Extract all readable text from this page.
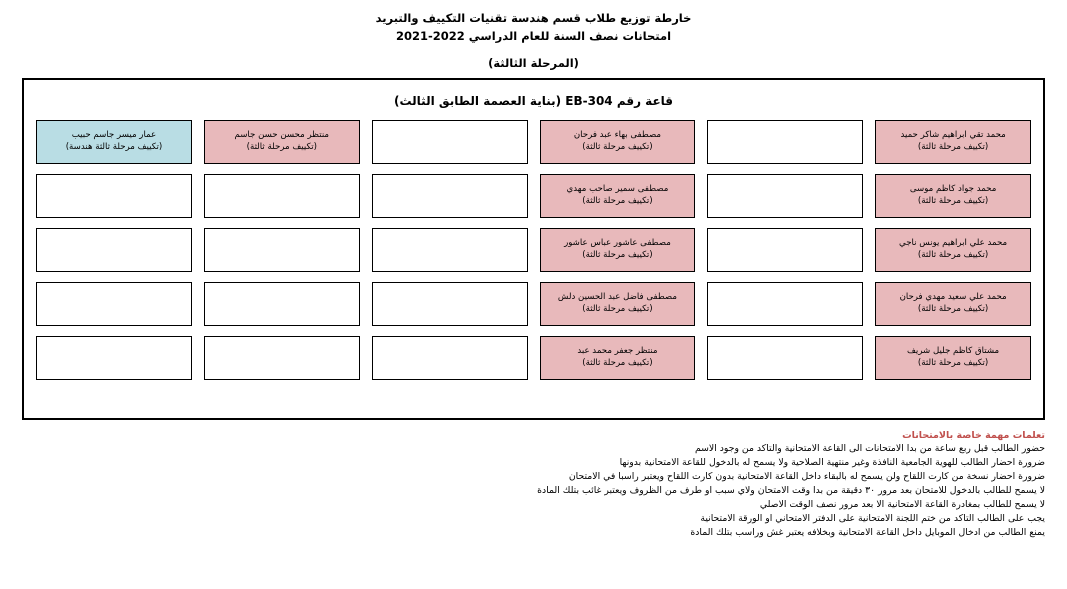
خارطة توزيع طلاب قسم هندسة تقنيات التكييف والتبريد
امتحانات نصف السنة للعام الدراسي 2022-2021
(المرحلة الثالثة)
قاعة رقم EB-304 (بناية العصمة الطابق الثالث)
محمد تقي ابراهيم شاكر حميد
(تكييف مرحلة ثالثة)
مصطفى بهاء عبد فرحان
(تكييف مرحلة ثالثة)
منتظر محسن حسن جاسم
(تكييف مرحلة ثالثة)
عمار ميسر جاسم حبيب
(تكييف مرحلة ثالثة هندسة)
محمد جواد كاظم موسى
(تكييف مرحلة ثالثة)
مصطفى سمير صاحب مهدي
(تكييف مرحلة ثالثة)
محمد علي ابراهيم يونس ناجي
(تكييف مرحلة ثالثة)
مصطفى عاشور عباس عاشور
(تكييف مرحلة ثالثة)
محمد علي سعيد مهدي فرحان
(تكييف مرحلة ثالثة)
مصطفى فاضل عبد الحسين دلش
(تكييف مرحلة ثالثة)
مشتاق كاظم جليل شريف
(تكييف مرحلة ثالثة)
منتظر جعفر محمد عبد
(تكييف مرحلة ثالثة)
تعلمات مهمة خاصة بالامتحانات
حضور الطالب قبل ربع ساعة من بدا الامتحانات الى القاعة الامتحانية والتاكد من وجود الاسم
ضرورة احضار الطالب للهوية الجامعية النافذة وغير منتهية الصلاحية ولا يسمح له بالدخول للقاعة الامتحانية بدونها
ضرورة احضار نسخة من كارت اللقاح ولن يسمح له بالبقاء داخل القاعة الامتحانية بدون كارت اللقاح ويعتبر راسبا في الامتحان
لا يسمح للطالب بالدخول للامتحان بعد مرور ٣٠ دقيقة من بدا وقت الامتحان ولاي سبب او طرف من الظروف ويعتبر غائب بتلك المادة
لا يسمح للطالب بمغادرة القاعة الامتحانية الا بعد مرور نصف الوقت الاصلي
يجب على الطالب التاكد من ختم اللجنة الامتحانية على الدفتر الامتحاني او الورقة الامتحانية
يمنع الطالب من ادخال الموبايل داخل القاعة الامتحانية وبخلافه يعتبر غش وراسب بتلك المادة
